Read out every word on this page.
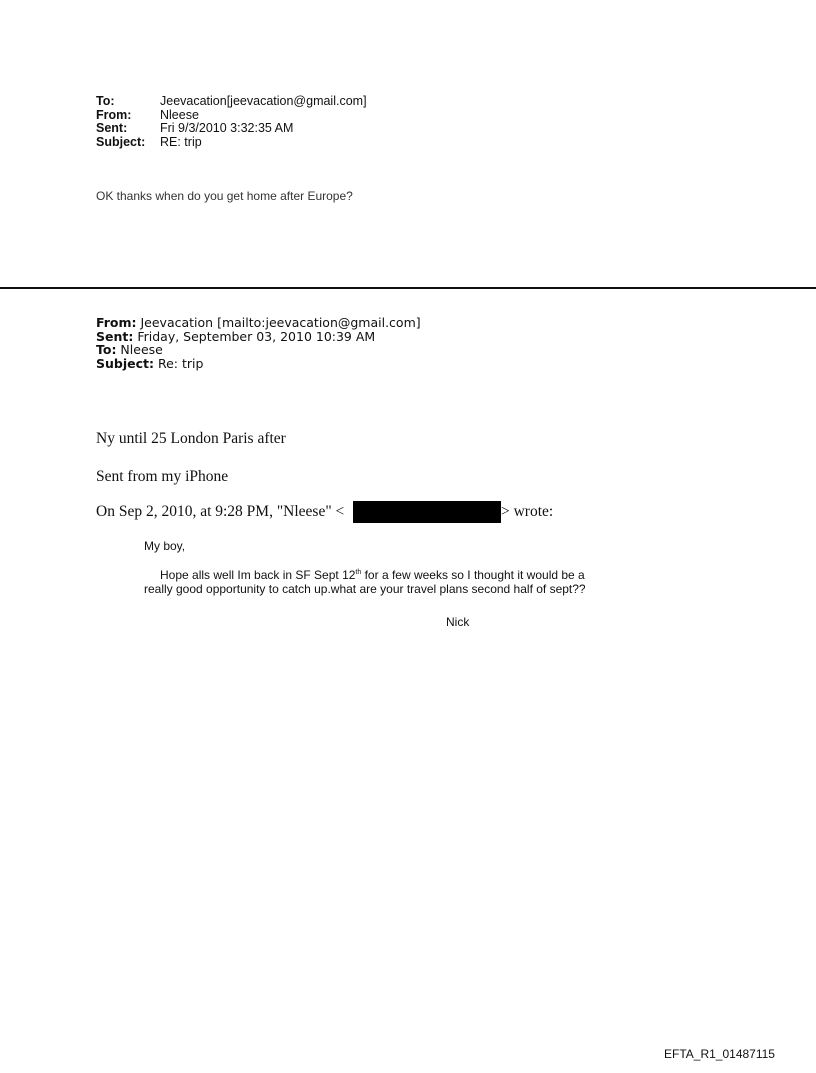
To:	Jeevacation[jeevacation@gmail.com]
From:	Nleese
Sent:	Fri 9/3/2010 3:32:35 AM
Subject:	RE: trip
OK thanks when do you get home after Europe?
From: Jeevacation [mailto:jeevacation@gmail.com]
Sent: Friday, September 03, 2010 10:39 AM
To: Nleese
Subject: Re: trip
Ny until 25 London Paris after
Sent from my iPhone
On Sep 2, 2010, at 9:28 PM, "Nleese" <	> wrote:
My boy,
Hope alls well Im back in SF Sept 12th for a few weeks so I thought it would be a
really good opportunity to catch up.what are your travel plans second half of sept??
Nick
EFTA_R1_01487115
